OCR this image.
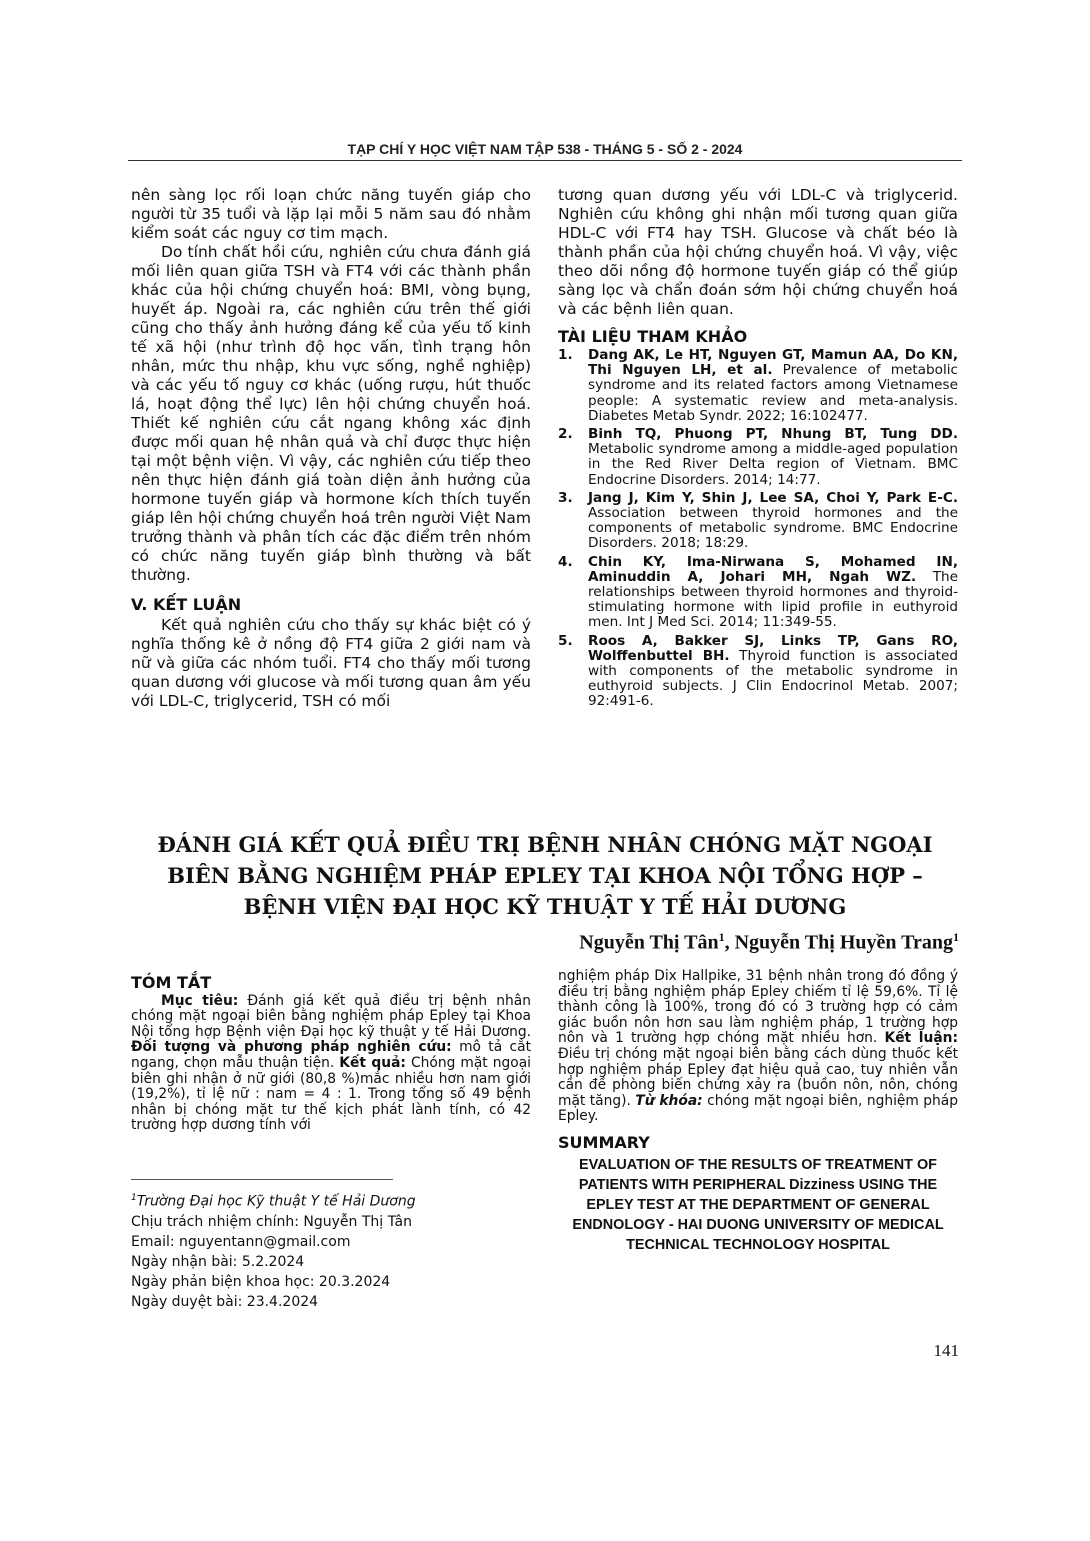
TẠP CHÍ Y HỌC VIỆT NAM TẬP 538 - THÁNG 5 - SỐ 2 - 2024

nên sàng lọc rối loạn chức năng tuyến giáp cho người từ 35 tuổi và lặp lại mỗi 5 năm sau đó nhằm kiểm soát các nguy cơ tim mạch.

Do tính chất hồi cứu, nghiên cứu chưa đánh giá mối liên quan giữa TSH và FT4 với các thành phần khác của hội chứng chuyển hoá: BMI, vòng bụng, huyết áp. Ngoài ra, các nghiên cứu trên thế giới cũng cho thấy ảnh hưởng đáng kể của yếu tố kinh tế xã hội (như trình độ học vấn, tình trạng hôn nhân, mức thu nhập, khu vực sống, nghề nghiệp) và các yếu tố nguy cơ khác (uống rượu, hút thuốc lá, hoạt động thể lực) lên hội chứng chuyển hoá. Thiết kế nghiên cứu cắt ngang không xác định được mối quan hệ nhân quả và chỉ được thực hiện tại một bệnh viện. Vì vậy, các nghiên cứu tiếp theo nên thực hiện đánh giá toàn diện ảnh hưởng của hormone tuyến giáp và hormone kích thích tuyến giáp lên hội chứng chuyển hoá trên người Việt Nam trưởng thành và phân tích các đặc điểm trên nhóm có chức năng tuyến giáp bình thường và bất thường.

V. KẾT LUẬN

Kết quả nghiên cứu cho thấy sự khác biệt có ý nghĩa thống kê ở nồng độ FT4 giữa 2 giới nam và nữ và giữa các nhóm tuổi. FT4 cho thấy mối tương quan dương với glucose và mối tương quan âm yếu với LDL-C, triglycerid, TSH có mối

tương quan dương yếu với LDL-C và triglycerid. Nghiên cứu không ghi nhận mối tương quan giữa HDL-C với FT4 hay TSH. Glucose và chất béo là thành phần của hội chứng chuyển hoá. Vì vậy, việc theo dõi nồng độ hormone tuyến giáp có thể giúp sàng lọc và chẩn đoán sớm hội chứng chuyển hoá và các bệnh liên quan.

TÀI LIỆU THAM KHẢO
1. Dang AK, Le HT, Nguyen GT, Mamun AA, Do KN, Thi Nguyen LH, et al. Prevalence of metabolic syndrome and its related factors among Vietnamese people: A systematic review and meta-analysis. Diabetes Metab Syndr. 2022; 16:102477.
2. Binh TQ, Phuong PT, Nhung BT, Tung DD. Metabolic syndrome among a middle-aged population in the Red River Delta region of Vietnam. BMC Endocrine Disorders. 2014; 14:77.
3. Jang J, Kim Y, Shin J, Lee SA, Choi Y, Park E-C. Association between thyroid hormones and the components of metabolic syndrome. BMC Endocrine Disorders. 2018; 18:29.
4. Chin KY, Ima-Nirwana S, Mohamed IN, Aminuddin A, Johari MH, Ngah WZ. The relationships between thyroid hormones and thyroid-stimulating hormone with lipid profile in euthyroid men. Int J Med Sci. 2014; 11:349-55.
5. Roos A, Bakker SJ, Links TP, Gans RO, Wolffenbuttel BH. Thyroid function is associated with components of the metabolic syndrome in euthyroid subjects. J Clin Endocrinol Metab. 2007; 92:491-6.
ĐÁNH GIÁ KẾT QUẢ ĐIỀU TRỊ BỆNH NHÂN CHÓNG MẶT NGOẠI BIÊN BẰNG NGHIỆM PHÁP EPLEY TẠI KHOA NỘI TỔNG HỢP – BỆNH VIỆN ĐẠI HỌC KỸ THUẬT Y TẾ HẢI DƯƠNG
Nguyễn Thị Tân$^1$, Nguyễn Thị Huyền Trang$^1$
TÓM TẮT

Mục tiêu: Đánh giá kết quả điều trị bệnh nhân chóng mặt ngoại biên bằng nghiệm pháp Epley tại Khoa Nội tổng hợp Bệnh viện Đại học kỹ thuật y tế Hải Dương. Đối tượng và phương pháp nghiên cứu: mô tả cắt ngang, chọn mẫu thuận tiện. Kết quả: Chóng mặt ngoại biên ghi nhận ở nữ giới (80,8 %)mắc nhiều hơn nam giới (19,2%), tỉ lệ nữ : nam = 4 : 1. Trong tổng số 49 bệnh nhân bị chóng mặt tư thế kịch phát lành tính, có 42 trường hợp dương tính với

nghiệm pháp Dix Hallpike, 31 bệnh nhân trong đó đồng ý điều trị bằng nghiệm pháp Epley chiếm tỉ lệ 59,6%. Tỉ lệ thành công là 100%, trong đó có 3 trường hợp có cảm giác buồn nôn hơn sau làm nghiệm pháp, 1 trường hợp nôn và 1 trường hợp chóng mặt nhiều hơn. Kết luận: Điều trị chóng mặt ngoại biên bằng cách dùng thuốc kết hợp nghiệm pháp Epley đạt hiệu quả cao, tuy nhiên vẫn cần đề phòng biến chứng xảy ra (buồn nôn, nôn, chóng mặt tăng). Từ khóa: chóng mặt ngoại biên, nghiệm pháp Epley.

SUMMARY
EVALUATION OF THE RESULTS OF TREATMENT OF PATIENTS WITH PERIPHERAL Dizziness USING THE EPLEY TEST AT THE DEPARTMENT OF GENERAL ENDNOLOGY - HAI DUONG UNIVERSITY OF MEDICAL TECHNICAL TECHNOLOGY HOSPITAL
$^1$Trường Đại học Kỹ thuật Y tế Hải Dương
Chịu trách nhiệm chính: Nguyễn Thị Tân
Email: nguyentann@gmail.com
Ngày nhận bài: 5.2.2024
Ngày phản biện khoa học: 20.3.2024
Ngày duyệt bài: 23.4.2024
141
